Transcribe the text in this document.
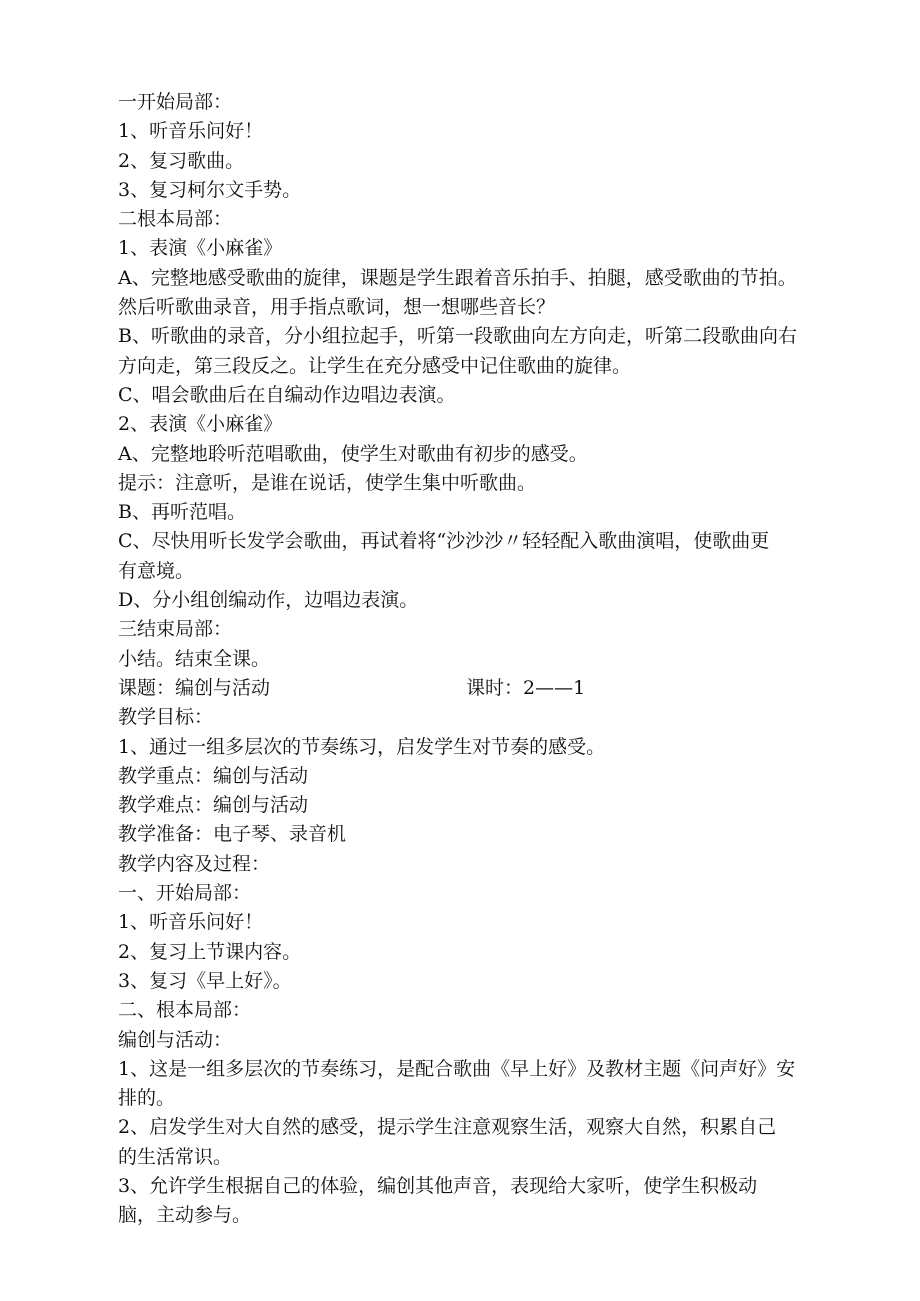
一开始局部：
1、听音乐问好！
2、复习歌曲。
3、复习柯尔文手势。
二根本局部：
1、表演《小麻雀》
A、完整地感受歌曲的旋律，课题是学生跟着音乐拍手、拍腿，感受歌曲的节拍。
然后听歌曲录音，用手指点歌词，想一想哪些音长？
B、听歌曲的录音，分小组拉起手，听第一段歌曲向左方向走，听第二段歌曲向右
方向走，第三段反之。让学生在充分感受中记住歌曲的旋律。
C、唱会歌曲后在自编动作边唱边表演。
2、表演《小麻雀》
A、完整地聆听范唱歌曲，使学生对歌曲有初步的感受。
提示：注意听，是谁在说话，使学生集中听歌曲。
B、再听范唱。
C、尽快用听长发学会歌曲，再试着将“沙沙沙〃轻轻配入歌曲演唱，使歌曲更
有意境。
D、分小组创编动作，边唱边表演。
三结束局部：
小结。结束全课。
课题：编创与活动	课时：2——1
教学目标：
1、通过一组多层次的节奏练习，启发学生对节奏的感受。
教学重点：编创与活动
教学难点：编创与活动
教学准备：电子琴、录音机
教学内容及过程：
一、开始局部：
1、听音乐问好！
2、复习上节课内容。
3、复习《早上好》。
二、根本局部：
编创与活动：
1、这是一组多层次的节奏练习，是配合歌曲《早上好》及教材主题《问声好》安
排的。
2、启发学生对大自然的感受，提示学生注意观察生活，观察大自然，积累自己
的生活常识。
3、允许学生根据自己的体验，编创其他声音，表现给大家听，使学生积极动
脑，主动参与。
